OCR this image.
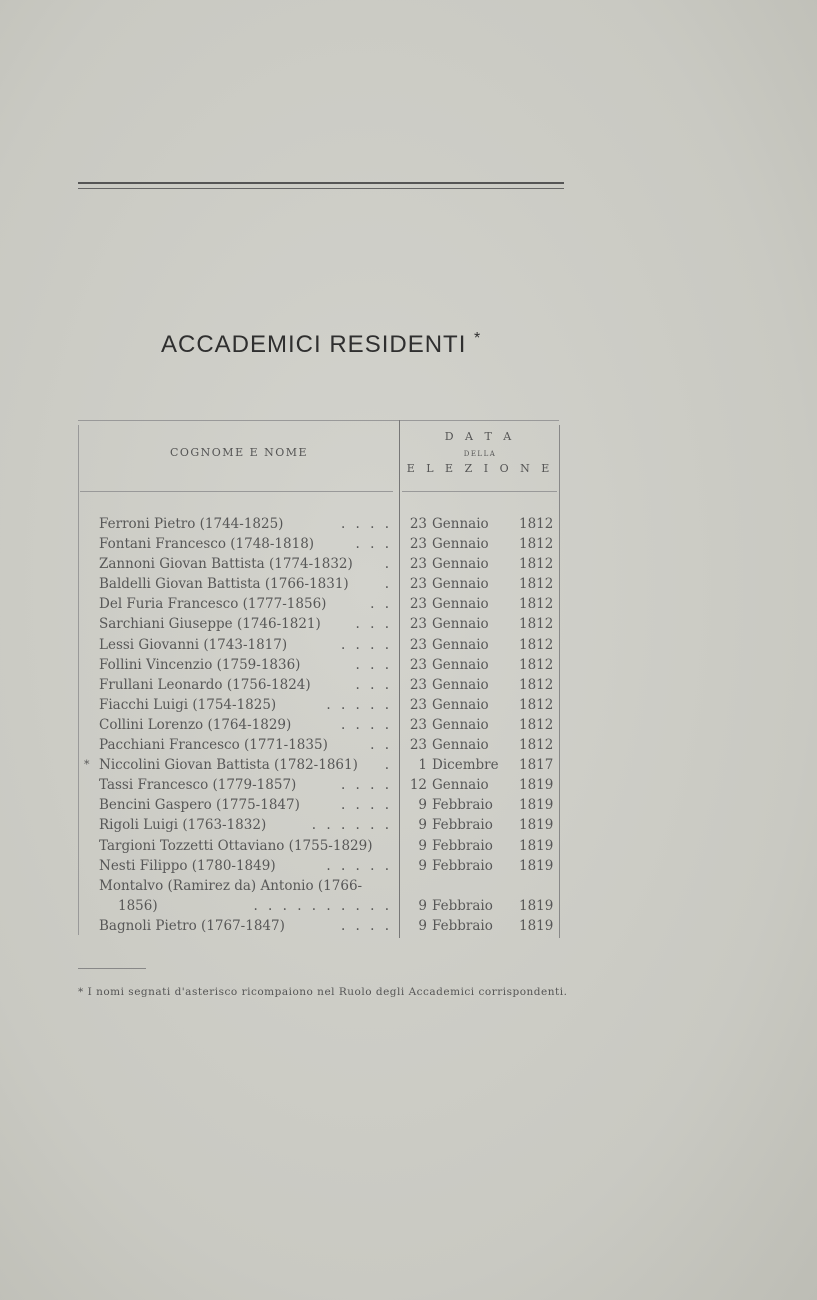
ACCADEMICI RESIDENTI *
COGNOME E NOME
D A T A
DELLA
E L E Z I O N E
Ferroni Pietro (1744-1825)	. . . .	23 Gennaio	1812
Fontani Francesco (1748-1818)	. . .	23 Gennaio	1812
Zannoni Giovan Battista (1774-1832) .	23 Gennaio	1812
Baldelli Giovan Battista (1766-1831)	.	23 Gennaio	1812
Del Furia Francesco (1777-1856)	. .	23 Gennaio	1812
Sarchiani Giuseppe (1746-1821)	. . .	23 Gennaio	1812
Lessi Giovanni (1743-1817)	. . . .	23 Gennaio	1812
Follini Vincenzio (1759-1836)	. . .	23 Gennaio	1812
Frullani Leonardo (1756-1824)	. . .	23 Gennaio	1812
Fiacchi Luigi (1754-1825)	. . . . .	23 Gennaio	1812
Collini Lorenzo (1764-1829)	. . . .	23 Gennaio	1812
Pacchiani Francesco (1771-1835)	. .	23 Gennaio	1812
* Niccolini Giovan Battista (1782-1861) .	1 Dicembre	1817
Tassi Francesco (1779-1857)	. . . .	12 Gennaio	1819
Bencini Gaspero (1775-1847)	. . . .	9 Febbraio	1819
Rigoli Luigi (1763-1832)	. . . . . .	9 Febbraio	1819
Targioni Tozzetti Ottaviano (1755-1829)	9 Febbraio	1819
Nesti Filippo (1780-1849)	. . . . .	9 Febbraio	1819
Montalvo (Ramirez da) Antonio (1766-
1856)	. . . . . . . . . .	9 Febbraio	1819
Bagnoli Pietro (1767-1847)	. . . .	9 Febbraio	1819
* I nomi segnati d'asterisco ricompaiono nel Ruolo degli Accademici corrispondenti.
